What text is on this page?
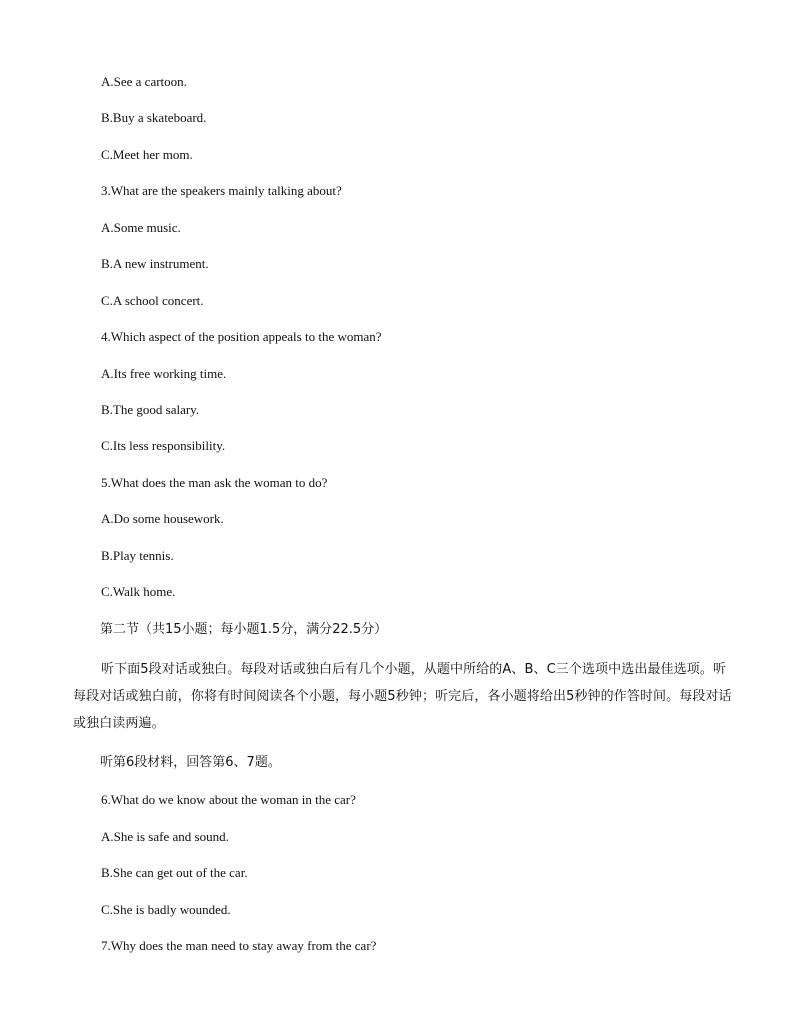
A.See a cartoon.
B.Buy a skateboard.
C.Meet her mom.
3.What are the speakers mainly talking about?
A.Some music.
B.A new instrument.
C.A school concert.
4.Which aspect of the position appeals to the woman?
A.Its free working time.
B.The good salary.
C.Its less responsibility.
5.What does the man ask the woman to do?
A.Do some housework.
B.Play tennis.
C.Walk home.
第二节（共15小题；每小题1.5分，满分22.5分）
听下面5段对话或独白。每段对话或独白后有几个小题，从题中所给的A、B、C三个选项中选出最佳选项。听每段对话或独白前，你将有时间阅读各个小题，每小题5秒钟；听完后，各小题将给出5秒钟的作答时间。每段对话或独白读两遍。
听第6段材料，回答第6、7题。
6.What do we know about the woman in the car?
A.She is safe and sound.
B.She can get out of the car.
C.She is badly wounded.
7.Why does the man need to stay away from the car?
